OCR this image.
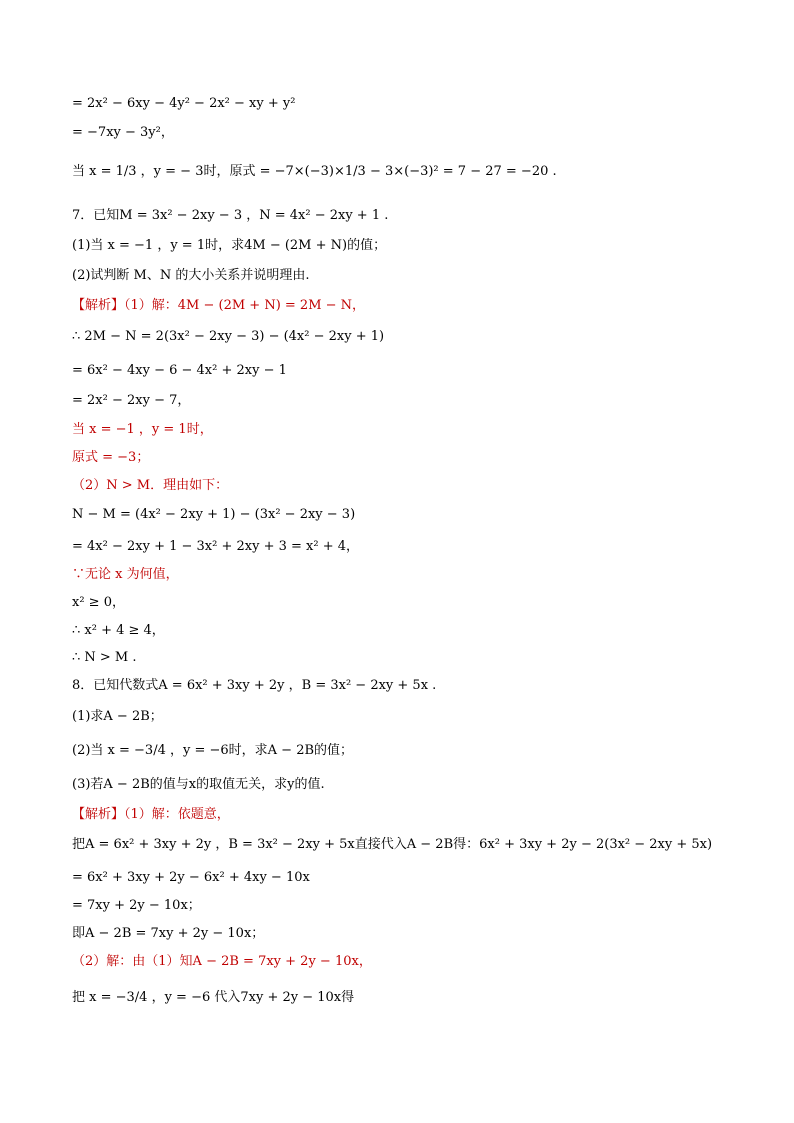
= 2x² − 6xy − 4y² − 2x² − xy + y²
= −7xy − 3y²，
当 x = 1/3 ，y = − 3时，原式 = −7×(−3)×1/3 − 3×(−3)² = 7 − 27 = −20 .
7．已知M = 3x² − 2xy − 3 ，N = 4x² − 2xy + 1 .
(1)当 x = −1 ，y = 1时，求4M − (2M + N)的值；
(2)试判断 M、N 的大小关系并说明理由.
【解析】（1）解：4M − (2M + N) = 2M − N，
∴ 2M − N = 2(3x² − 2xy − 3) − (4x² − 2xy + 1)
= 6x² − 4xy − 6 − 4x² + 2xy − 1
= 2x² − 2xy − 7，
当 x = −1 ，y = 1时，
原式 = −3；
（2）N > M．理由如下：
N − M = (4x² − 2xy + 1) − (3x² − 2xy − 3)
= 4x² − 2xy + 1 − 3x² + 2xy + 3 = x² + 4，
∵无论 x 为何值，
x² ≥ 0，
∴ x² + 4 ≥ 4，
∴ N > M .
8．已知代数式A = 6x² + 3xy + 2y ，B = 3x² − 2xy + 5x .
(1)求A − 2B；
(2)当 x = −3/4 ，y = −6时，求A − 2B的值；
(3)若A − 2B的值与x的取值无关，求y的值.
【解析】（1）解：依题意，
把A = 6x² + 3xy + 2y ，B = 3x² − 2xy + 5x直接代入A − 2B得：6x² + 3xy + 2y − 2(3x² − 2xy + 5x)
= 6x² + 3xy + 2y − 6x² + 4xy − 10x
= 7xy + 2y − 10x；
即A − 2B = 7xy + 2y − 10x；
（2）解：由（1）知A − 2B = 7xy + 2y − 10x，
把 x = −3/4 ，y = −6 代入7xy + 2y − 10x得
